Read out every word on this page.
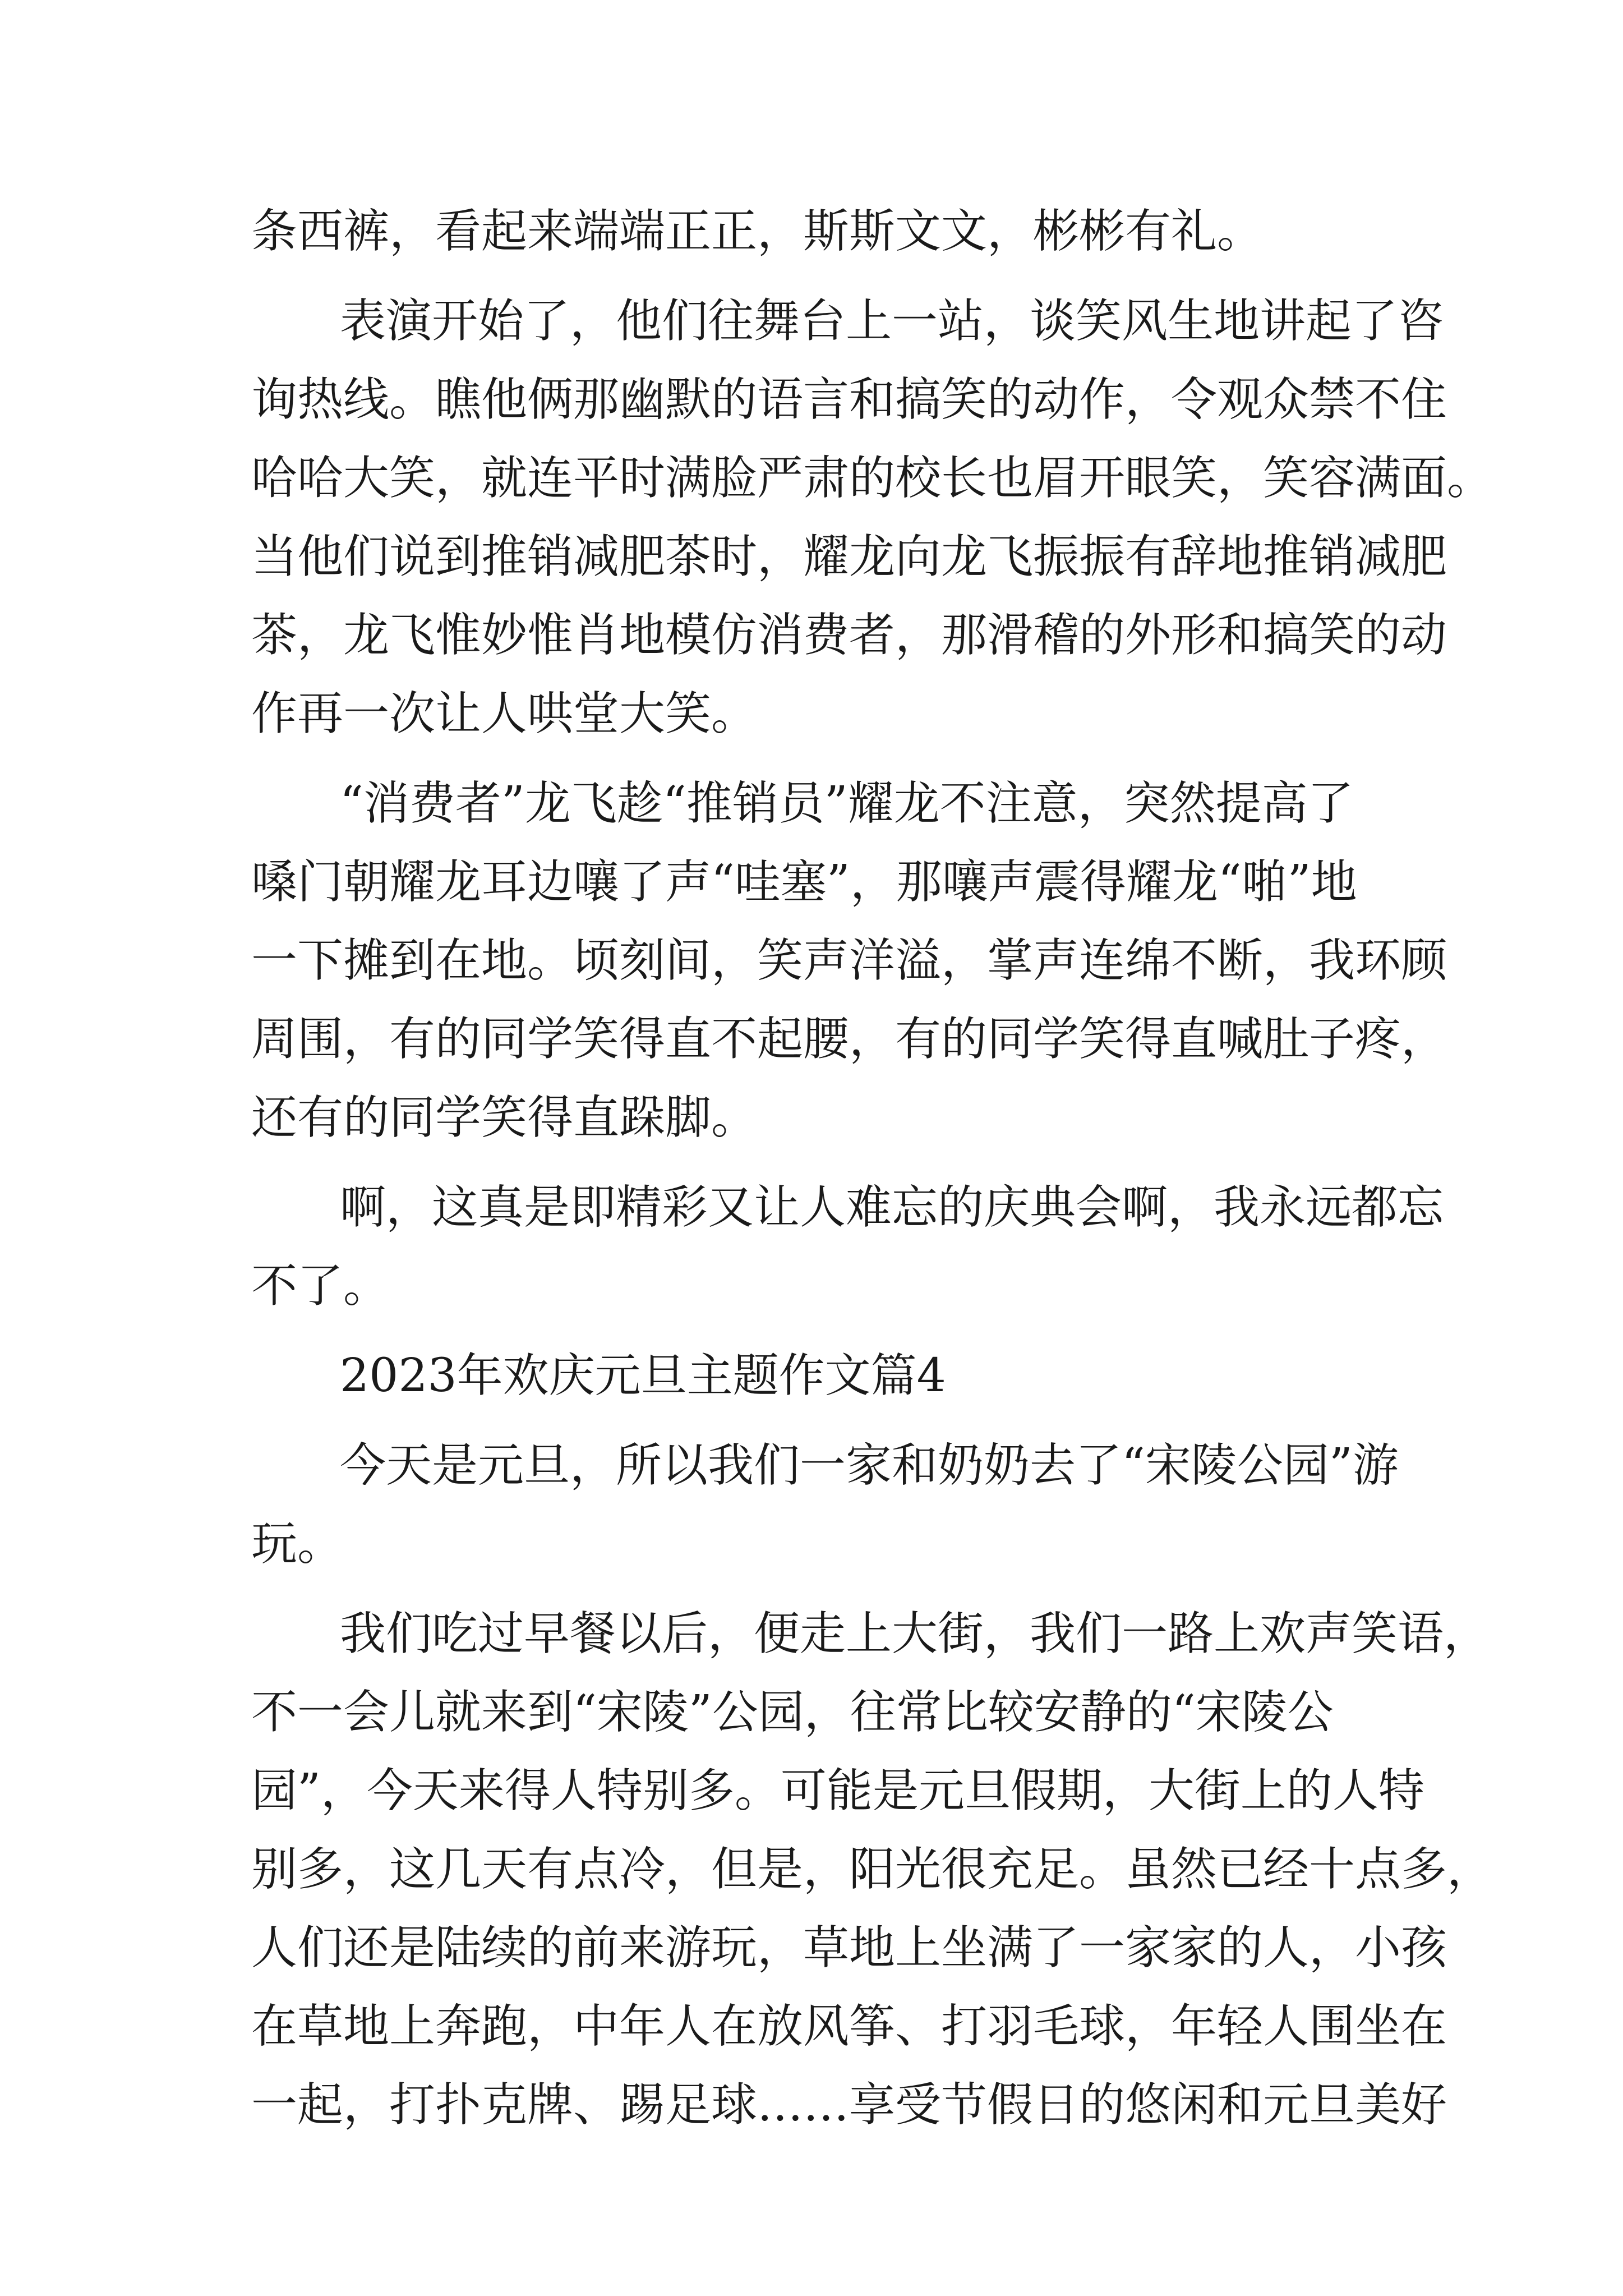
条西裤，看起来端端正正，斯斯文文，彬彬有礼。
表演开始了，他们往舞台上一站，谈笑风生地讲起了咨
询热线。瞧他俩那幽默的语言和搞笑的动作，令观众禁不住
哈哈大笑，就连平时满脸严肃的校长也眉开眼笑，笑容满面。
当他们说到推销减肥茶时，耀龙向龙飞振振有辞地推销减肥
茶，龙飞惟妙惟肖地模仿消费者，那滑稽的外形和搞笑的动
作再一次让人哄堂大笑。
“消费者”龙飞趁“推销员”耀龙不注意，突然提高了
嗓门朝耀龙耳边嚷了声“哇塞”，那嚷声震得耀龙“啪”地
一下摊到在地。顷刻间，笑声洋溢，掌声连绵不断，我环顾
周围，有的同学笑得直不起腰，有的同学笑得直喊肚子疼，
还有的同学笑得直跺脚。
啊，这真是即精彩又让人难忘的庆典会啊，我永远都忘
不了。
2023年欢庆元旦主题作文篇4
今天是元旦，所以我们一家和奶奶去了“宋陵公园”游
玩。
我们吃过早餐以后，便走上大街，我们一路上欢声笑语，
不一会儿就来到“宋陵”公园，往常比较安静的“宋陵公
园”，今天来得人特别多。可能是元旦假期，大街上的人特
别多，这几天有点冷，但是，阳光很充足。虽然已经十点多，
人们还是陆续的前来游玩，草地上坐满了一家家的人，小孩
在草地上奔跑，中年人在放风筝、打羽毛球，年轻人围坐在
一起，打扑克牌、踢足球……享受节假日的悠闲和元旦美好
